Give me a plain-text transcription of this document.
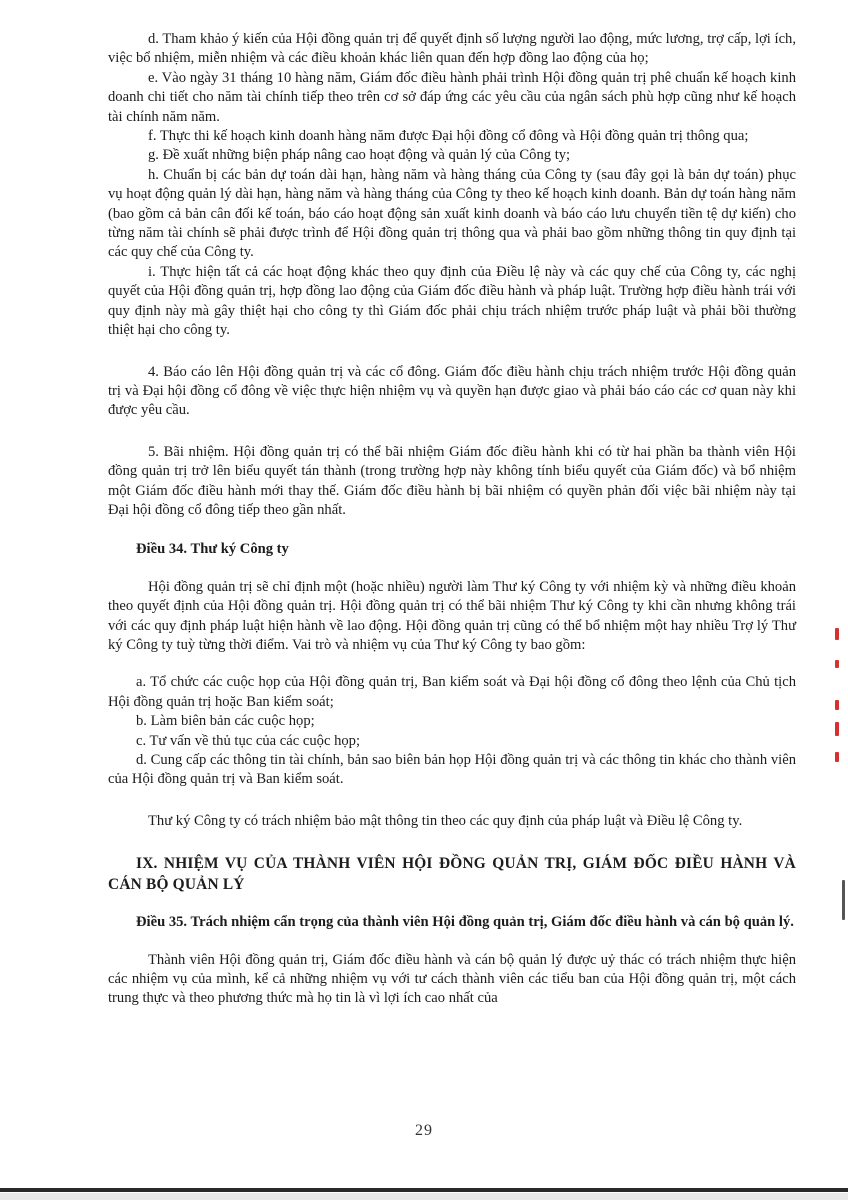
d. Tham khảo ý kiến của Hội đồng quản trị để quyết định số lượng người lao động, mức lương, trợ cấp, lợi ích, việc bổ nhiệm, miễn nhiệm và các điều khoản khác liên quan đến hợp đồng lao động của họ;

e. Vào ngày 31 tháng 10 hàng năm, Giám đốc điều hành phải trình Hội đồng quản trị phê chuẩn kế hoạch kinh doanh chi tiết cho năm tài chính tiếp theo trên cơ sở đáp ứng các yêu cầu của ngân sách phù hợp cũng như kế hoạch tài chính năm năm.

f. Thực thi kế hoạch kinh doanh hàng năm được Đại hội đồng cổ đông và Hội đồng quản trị thông qua;

g. Đề xuất những biện pháp nâng cao hoạt động và quản lý của Công ty;

h. Chuẩn bị các bản dự toán dài hạn, hàng năm và hàng tháng của Công ty (sau đây gọi là bản dự toán) phục vụ hoạt động quản lý dài hạn, hàng năm và hàng tháng của Công ty theo kế hoạch kinh doanh. Bản dự toán hàng năm (bao gồm cả bản cân đối kế toán, báo cáo hoạt động sản xuất kinh doanh và báo cáo lưu chuyển tiền tệ dự kiến) cho từng năm tài chính sẽ phải được trình để Hội đồng quản trị thông qua và phải bao gồm những thông tin quy định tại các quy chế của Công ty.

i. Thực hiện tất cả các hoạt động khác theo quy định của Điều lệ này và các quy chế của Công ty, các nghị quyết của Hội đồng quản trị, hợp đồng lao động của Giám đốc điều hành và pháp luật. Trường hợp điều hành trái với quy định này mà gây thiệt hại cho công ty thì Giám đốc phải chịu trách nhiệm trước pháp luật và phải bồi thường thiệt hại cho công ty.

4. Báo cáo lên Hội đồng quản trị và các cổ đông. Giám đốc điều hành chịu trách nhiệm trước Hội đồng quản trị và Đại hội đồng cổ đông về việc thực hiện nhiệm vụ và quyền hạn được giao và phải báo cáo các cơ quan này khi được yêu cầu.

5. Bãi nhiệm. Hội đồng quản trị có thể bãi nhiệm Giám đốc điều hành khi có từ hai phần ba thành viên Hội đồng quản trị trở lên biểu quyết tán thành (trong trường hợp này không tính biểu quyết của Giám đốc) và bổ nhiệm một Giám đốc điều hành mới thay thế. Giám đốc điều hành bị bãi nhiệm có quyền phản đối việc bãi nhiệm này tại Đại hội đồng cổ đông tiếp theo gần nhất.

Điều 34. Thư ký Công ty

Hội đồng quản trị sẽ chỉ định một (hoặc nhiều) người làm Thư ký Công ty với nhiệm kỳ và những điều khoản theo quyết định của Hội đồng quản trị. Hội đồng quản trị có thể bãi nhiệm Thư ký Công ty khi cần nhưng không trái với các quy định pháp luật hiện hành về lao động. Hội đồng quản trị cũng có thể bổ nhiệm một hay nhiều Trợ lý Thư ký Công ty tuỳ từng thời điểm. Vai trò và nhiệm vụ của Thư ký Công ty bao gồm:

a. Tổ chức các cuộc họp của Hội đồng quản trị, Ban kiểm soát và Đại hội đồng cổ đông theo lệnh của Chủ tịch Hội đồng quản trị hoặc Ban kiểm soát;

b. Làm biên bản các cuộc họp;

c. Tư vấn về thủ tục của các cuộc họp;

d. Cung cấp các thông tin tài chính, bản sao biên bản họp Hội đồng quản trị và các thông tin khác cho thành viên của Hội đồng quản trị và Ban kiểm soát.

Thư ký Công ty có trách nhiệm bảo mật thông tin theo các quy định của pháp luật và Điều lệ Công ty.

IX. NHIỆM VỤ CỦA THÀNH VIÊN HỘI ĐỒNG QUẢN TRỊ, GIÁM ĐỐC ĐIỀU HÀNH VÀ CÁN BỘ QUẢN LÝ

Điều 35. Trách nhiệm cẩn trọng của thành viên Hội đồng quản trị, Giám đốc điều hành và cán bộ quản lý.

Thành viên Hội đồng quản trị, Giám đốc điều hành và cán bộ quản lý được uỷ thác có trách nhiệm thực hiện các nhiệm vụ của mình, kể cả những nhiệm vụ với tư cách thành viên các tiểu ban của Hội đồng quản trị, một cách trung thực và theo phương thức mà họ tin là vì lợi ích cao nhất của

29
